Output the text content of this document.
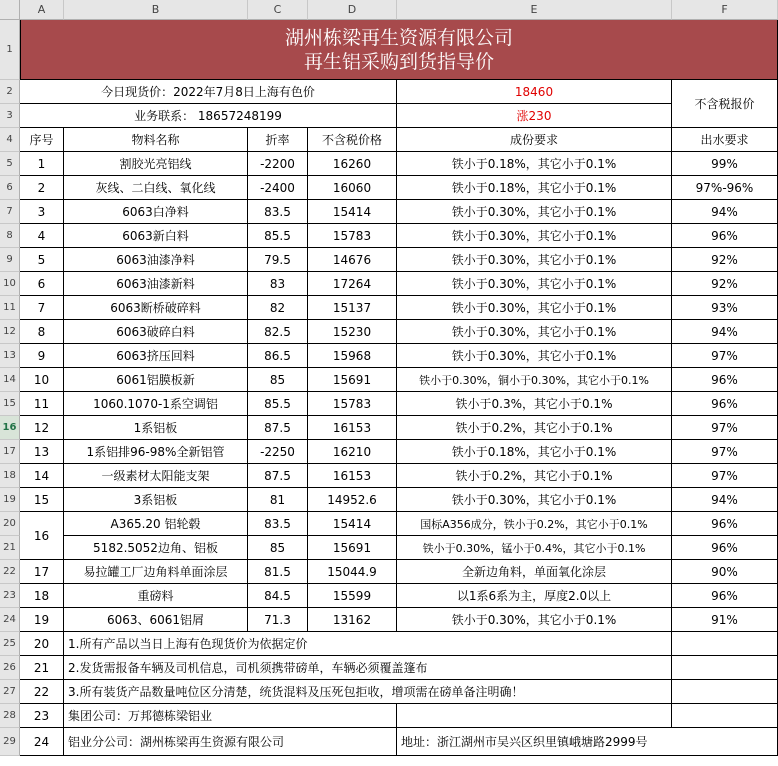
A	B	C	D	E	F
1
2
3
4
5
6
7
8
9
10
11
12
13
14
15
16
17
18
19
20
21
22
23
24
25
26
27
28
29
湖州栋梁再生资源有限公司
再生铝采购到货指导价
今日现货价：2022年7月8日上海有色价	18460
不含税报价
业务联系： 18657248199	涨230
序号	物料名称	折率	不含税价格	成份要求	出水要求
1	割胶光亮铝线	-2200	16260	铁小于0.18%，其它小于0.1%	99%
2	灰线、二白线、氧化线	-2400	16060	铁小于0.18%，其它小于0.1%	97%-96%
3	6063白净料	83.5	15414	铁小于0.30%，其它小于0.1%	94%
4	6063新白料	85.5	15783	铁小于0.30%，其它小于0.1%	96%
5	6063油漆净料	79.5	14676	铁小于0.30%，其它小于0.1%	92%
6	6063油漆新料	83	17264	铁小于0.30%，其它小于0.1%	92%
7	6063断桥破碎料	82	15137	铁小于0.30%，其它小于0.1%	93%
8	6063破碎白料	82.5	15230	铁小于0.30%，其它小于0.1%	94%
9	6063挤压回料	86.5	15968	铁小于0.30%，其它小于0.1%	97%
10	6061铝膜板新	85	15691	铁小于0.30%，铜小于0.30%，其它小于0.1%	96%
11	1060.1070-1系空调铝	85.5	15783	铁小于0.3%，其它小于0.1%	96%
12	1系铝板	87.5	16153	铁小于0.2%，其它小于0.1%	97%
13	1系铝排96-98%全新铝管	-2250	16210	铁小于0.18%，其它小于0.1%	97%
14	一级素材太阳能支架	87.5	16153	铁小于0.2%，其它小于0.1%	97%
15	3系铝板	81	14952.6	铁小于0.30%，其它小于0.1%	94%
16
A365.20 铝轮毂	83.5	15414	国标A356成分，铁小于0.2%，其它小于0.1%	96%
5182.5052边角、铝板	85	15691	铁小于0.30%，锰小于0.4%，其它小于0.1%	96%
17	易拉罐工厂边角料单面涂层	81.5	15044.9	全新边角料，单面氧化涂层	90%
18	重磅料	84.5	15599	以1系6系为主，厚度2.0以上	96%
19	6063、6061铝屑	71.3	13162	铁小于0.30%，其它小于0.1%	91%
20	1.所有产品以当日上海有色现货价为依据定价
21	2.发货需报备车辆及司机信息，司机须携带磅单，车辆必须覆盖篷布
22	3.所有装货产品数量吨位区分清楚，统货混料及压死包拒收，增项需在磅单备注明确！
23	集团公司：万邦德栋梁铝业
24	铝业分公司：湖州栋梁再生资源有限公司	地址：浙江湖州市吴兴区织里镇峨塘路2999号
